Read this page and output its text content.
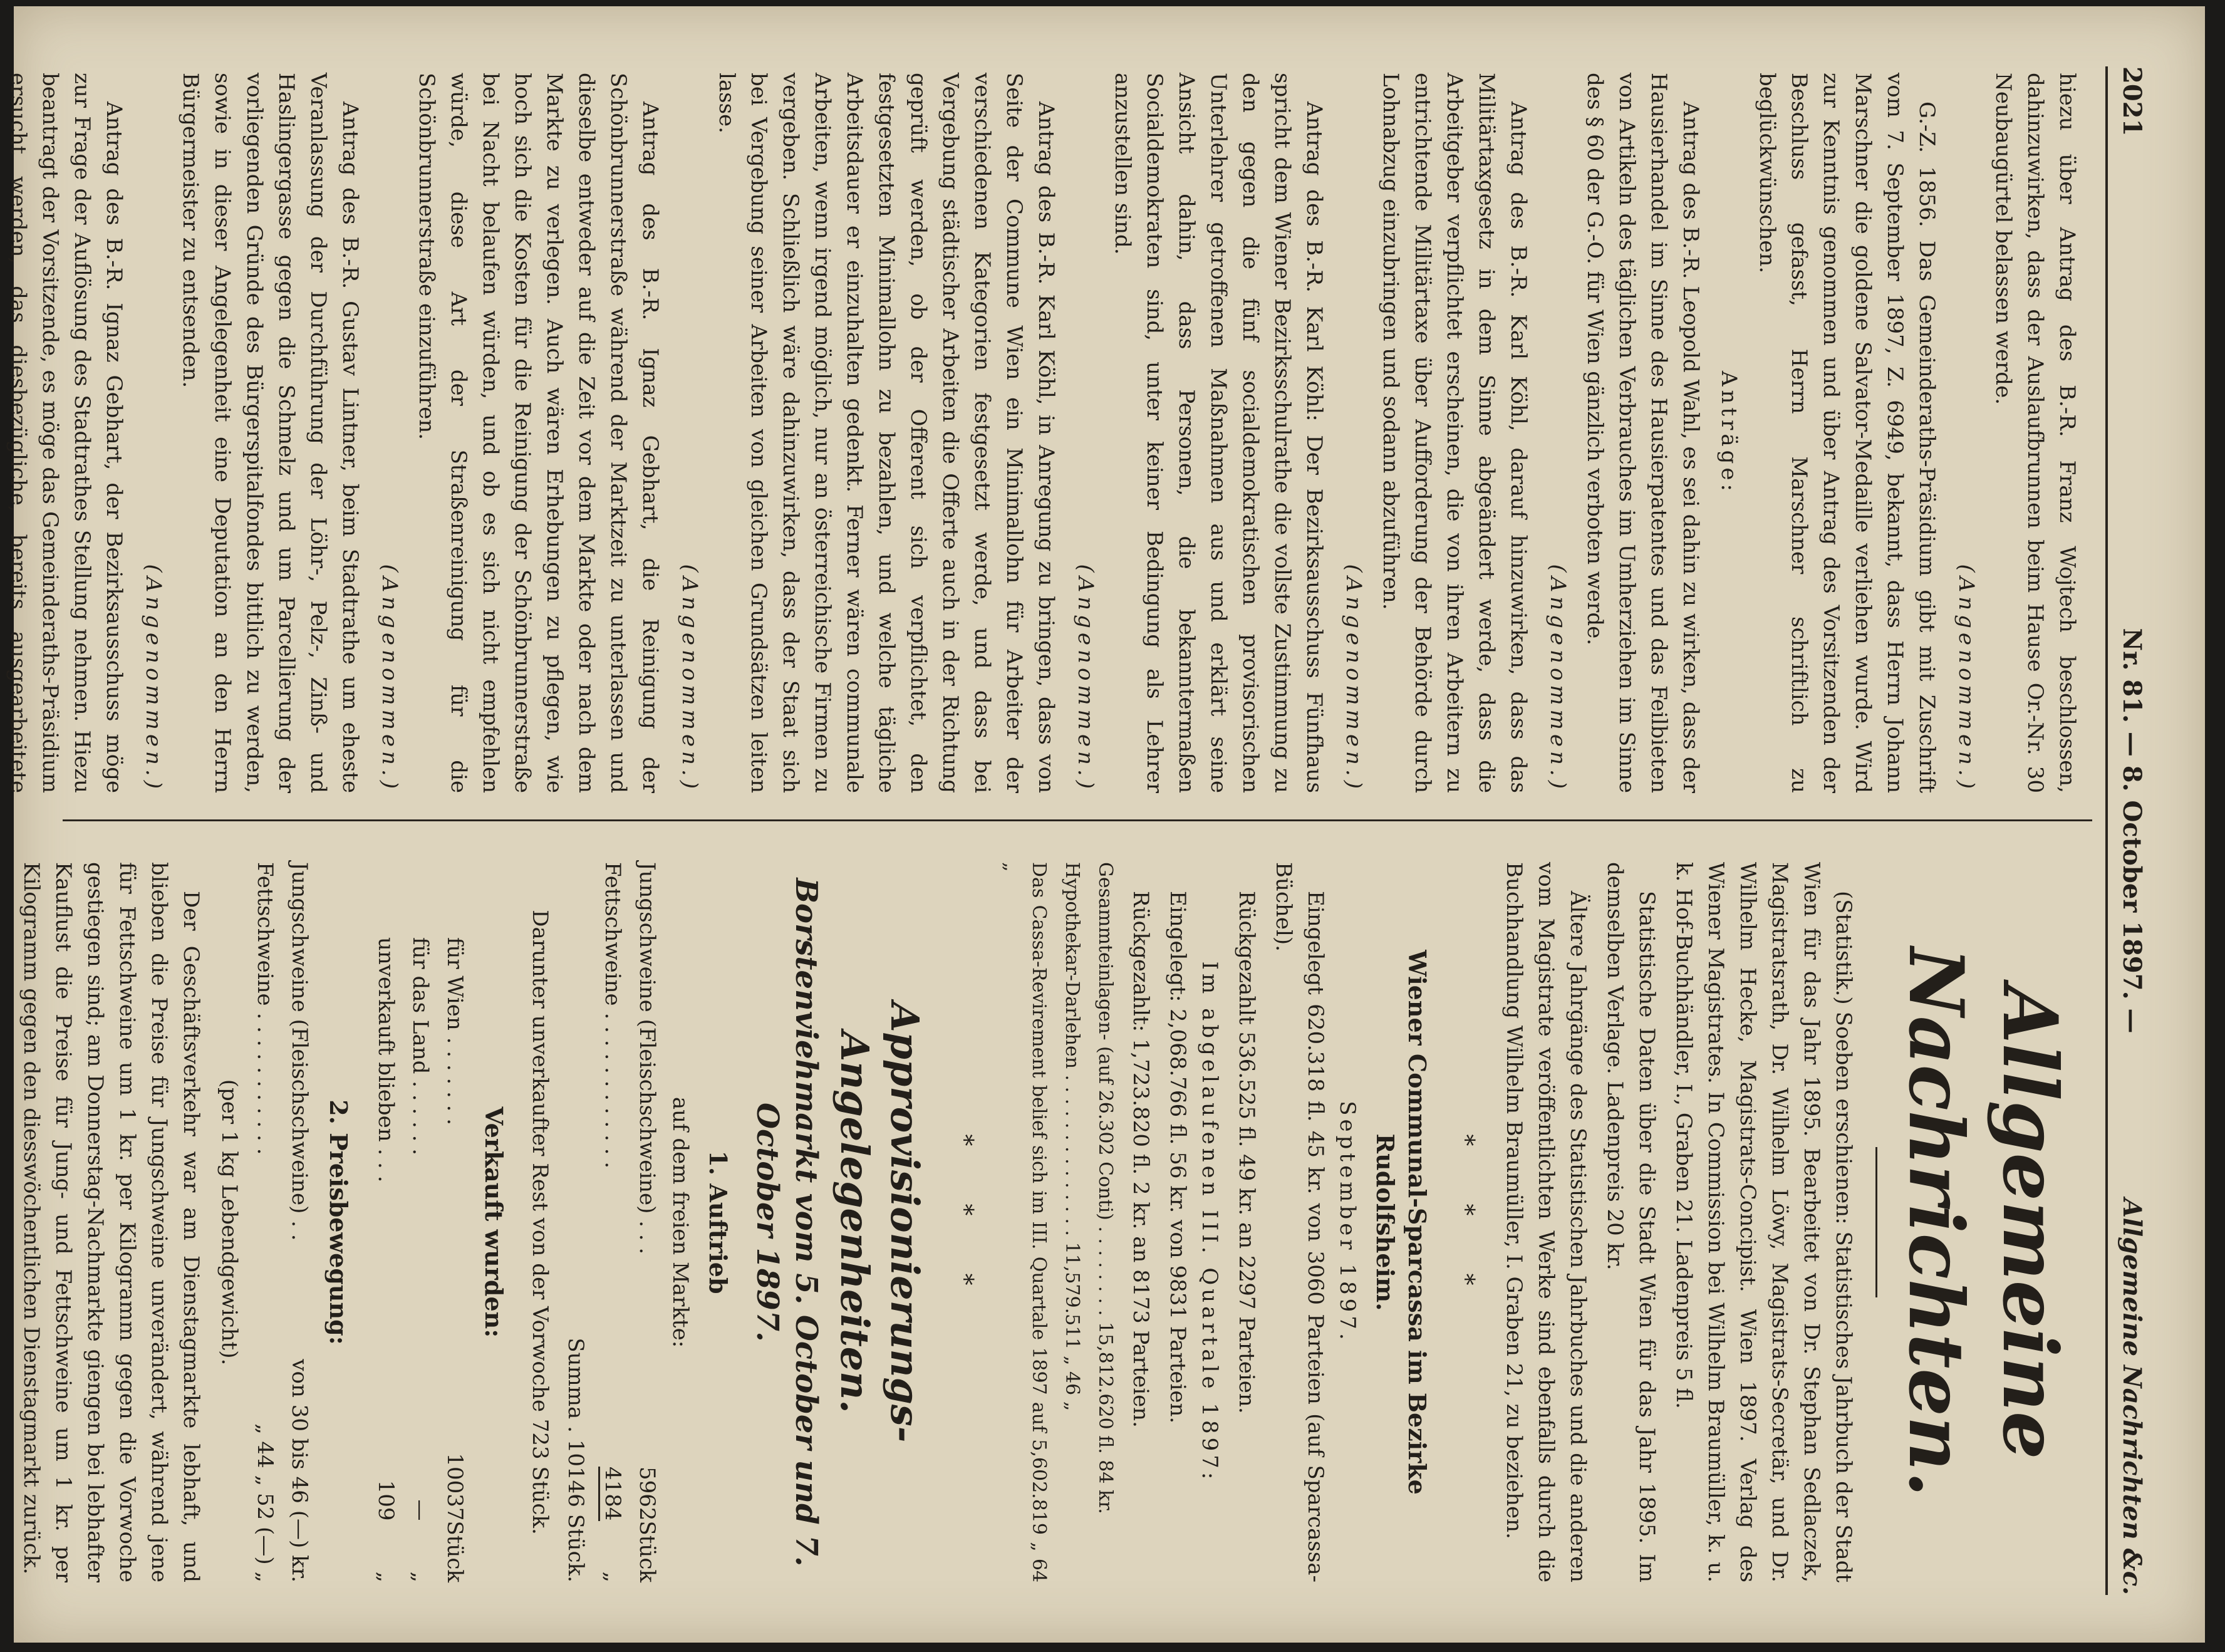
2021
Nr. 81. — 8. October 1897. —
Allgemeine Nachrichten &c.

hiezu über Antrag des B.-R. Franz Wojtech beschlossen, dahinzuwirken, dass der Auslaufbrunnen beim Hause Or.-Nr. 30 Neubaugürtel belassen werde.

(Angenommen.)

G.-Z. 1856. Das Gemeinderaths-Präsidium gibt mit Zuschrift vom 7. September 1897, Z. 6949, bekannt, dass Herrn Johann Marschner die goldene Salvator-Medaille verliehen wurde. Wird zur Kenntnis genommen und über Antrag des Vorsitzenden der Beschluss gefasst, Herrn Marschner schriftlich zu beglückwünschen.

Anträge:

Antrag des B.-R. Leopold Wahl, es sei dahin zu wirken, dass der Hausierhandel im Sinne des Hausierpatentes und das Feilbieten von Artikeln des täglichen Verbrauches im Umherziehen im Sinne des § 60 der G.-O. für Wien gänzlich verboten werde.

(Angenommen.)

Antrag des B.-R. Karl Köhl, darauf hinzuwirken, dass das Militärtaxgesetz in dem Sinne abgeändert werde, dass die Arbeitgeber verpflichtet erscheinen, die von ihren Arbeitern zu entrichtende Militärtaxe über Aufforderung der Behörde durch Lohnabzug einzubringen und sodann abzuführen.

(Angenommen.)

Antrag des B.-R. Karl Köhl: Der Bezirksausschuss Fünfhaus spricht dem Wiener Bezirksschulrathe die vollste Zustimmung zu den gegen die fünf socialdemokratischen provisorischen Unterlehrer getroffenen Maßnahmen aus und erklärt seine Ansicht dahin, dass Personen, die bekanntermaßen Socialdemokraten sind, unter keiner Bedingung als Lehrer anzustellen sind.

(Angenommen.)

Antrag des B.-R. Karl Köhl, in Anregung zu bringen, dass von Seite der Commune Wien ein Minimallohn für Arbeiter der verschiedenen Kategorien festgesetzt werde, und dass bei Vergebung städtischer Arbeiten die Offerte auch in der Richtung geprüft werden, ob der Offerent sich verpflichtet, den festgesetzten Minimallohn zu bezahlen, und welche tägliche Arbeitsdauer er einzuhalten gedenkt. Ferner wären communale Arbeiten, wenn irgend möglich, nur an österreichische Firmen zu vergeben. Schließlich wäre dahinzuwirken, dass der Staat sich bei Vergebung seiner Arbeiten von gleichen Grundsätzen leiten lasse.

(Angenommen.)

Antrag des B.-R. Ignaz Gebhart, die Reinigung der Schönbrunnerstraße während der Marktzeit zu unterlassen und dieselbe entweder auf die Zeit vor dem Markte oder nach dem Markte zu verlegen. Auch wären Erhebungen zu pflegen, wie hoch sich die Kosten für die Reinigung der Schönbrunnerstraße bei Nacht belaufen würden, und ob es sich nicht empfehlen würde, diese Art der Straßenreinigung für die Schönbrunnerstraße einzuführen.

(Angenommen.)

Antrag des B.-R. Gustav Lintner, beim Stadtrathe um ehеste Veranlassung der Durchführung der Löhr-, Pelz-, Zinß- und Haslingergasse gegen die Schmelz und um Parcellierung der vorliegenden Gründe des Bürgerspitalfondes bittlich zu werden, sowie in dieser Angelegenheit eine Deputation an den Herrn Bürgermeister zu entsenden.

(Angenommen.)

Antrag des B.-R. Ignaz Gebhart, der Bezirksausschuss möge zur Frage der Auflösung des Stadtrathes Stellung nehmen. Hiezu beantragt der Vorsitzende, es möge das Gemeinderaths-Präsidium ersucht werden, das diesbezügliche, bereits ausgearbeitete

Allgemeine Nachrichten.

(Statistik.) Soeben erschienen: Statistisches Jahrbuch der Stadt Wien für das Jahr 1895. Bearbeitet von Dr. Stephan Sedlaczek, Magistratsrath, Dr. Wilhelm Löwy, Magistrats-Secretär, und Dr. Wilhelm Hecke, Magistrats-Concipist. Wien 1897. Verlag des Wiener Magistrates. In Commission bei Wilhelm Braumüller, k. u. k. Hof-Buchhändler, I., Graben 21. Ladenpreis 5 fl.

Statistische Daten über die Stadt Wien für das Jahr 1895. Im demselben Verlage. Ladenpreis 20 kr.

Ältere Jahrgänge des Statistischen Jahrbuches und die anderen vom Magistrate veröffentlichten Werke sind ebenfalls durch die Buchhandlung Wilhelm Braumüller, I. Graben 21, zu beziehen.

* * *
Wiener Communal-Sparcassa im Bezirke Rudolfsheim.
September 1897.

Eingelegt 620.318 fl. 45 kr. von 3060 Parteien (auf Sparcassa-Büchel).

Rückgezahlt 536.525 fl. 49 kr. an 2297 Parteien.

Im abgelaufenen III. Quartale 1897:

Eingelegt: 2,068.766 fl. 56 kr. von 9831 Parteien.

Rückgezahlt: 1,723.820 fl. 2 kr. an 8173 Parteien.

Gesammteinlagen- (auf 26.302 Conti) . . . . . . . . 15,812.620 fl. 84 kr.

Hypothekar-Darlehen . . . . . . . . . . . . . . 11,579.511 „ 46 „

Das Cassa-Revirement belief sich im III. Quartale 1897 auf 5,602.819 „ 64 „

* * *
Approvisionierungs-Angelegenheiten.
Borstenviehmarkt vom 5. October und 7. October 1897.
1. Auftrieb
auf dem freien Markte:
Jungschweine (Fleischschweine) . . .	5962	Stück
Fettschweine . . . . . . . . . . . .	4184	„
Summa . 10146 Stück.
Darunter unverkaufter Rest von der Vorwoche 723 Stück.
Verkauft wurden:
für Wien . . . . . . .	10037	Stück
für das Land . . . . . .	—	„
unverkauft blieben . . .	109	„
2. Preisbewegung:
Jungschweine (Fleischschweine) . .	von 30 bis 46 (—) kr.
Fettschweine . . . . . . . . . . .	„ 44 „ 52 (—) „
(per 1 kg Lebendgewicht).

Der Geschäftsverkehr war am Dienstagmarkte lebhaft, und blieben die Preise für Jungschweine unverändert, während jene für Fettschweine um 1 kr. per Kilogramm gegen die Vorwoche gestiegen sind; am Donnerstag-Nachmarkte giengen bei lebhafter Kauflust die Preise für Jung- und Fettschweine um 1 kr. per Kilogramm gegen den diesswöchentlichen Dienstagmarkt zurück.
